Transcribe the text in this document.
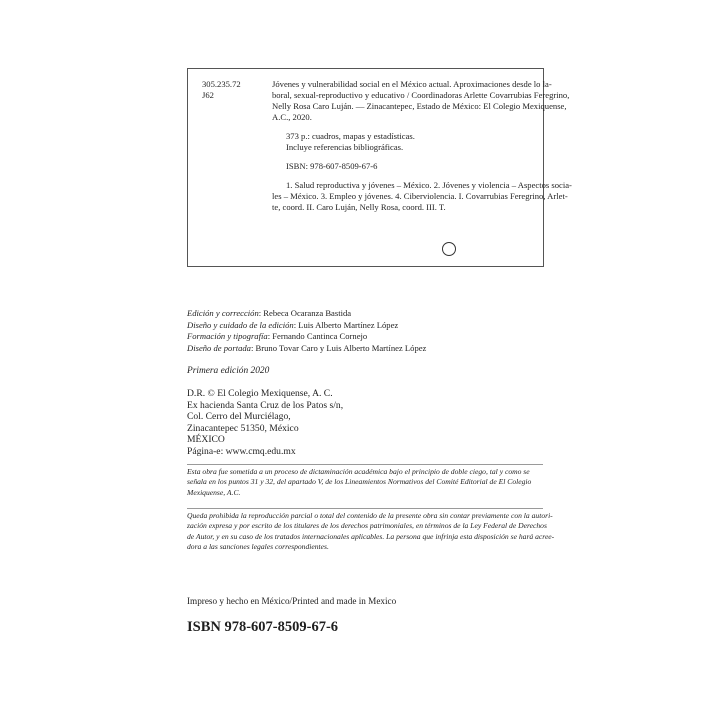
305.235.72
J62
Jóvenes y vulnerabilidad social en el México actual. Aproximaciones desde lo la-
boral, sexual-reproductivo y educativo / Coordinadoras Arlette Covarrubias Feregrino,
Nelly Rosa Caro Luján. –– Zinacantepec, Estado de México: El Colegio Mexiquense,
A.C., 2020.
373 p.: cuadros, mapas y estadísticas.
Incluye referencias bibliográficas.
ISBN: 978-607-8509-67-6
1. Salud reproductiva y jóvenes – México. 2. Jóvenes y violencia – Aspectos socia-
les – México. 3. Empleo y jóvenes. 4. Ciberviolencia. I. Covarrubias Feregrino, Arlet-
te, coord. II. Caro Luján, Nelly Rosa, coord. III. T.
Edición y corrección: Rebeca Ocaranza Bastida
Diseño y cuidado de la edición: Luis Alberto Martínez López
Formación y tipografía: Fernando Cantinca Cornejo
Diseño de portada: Bruno Tovar Caro y Luis Alberto Martínez López
Primera edición 2020
D.R. © El Colegio Mexiquense, A. C.
Ex hacienda Santa Cruz de los Patos s/n,
Col. Cerro del Murciélago,
Zinacantepec 51350, México
MÉXICO
Página-e: www.cmq.edu.mx
Esta obra fue sometida a un proceso de dictaminación académica bajo el principio de doble ciego, tal y como se
señala en los puntos 31 y 32, del apartado V, de los Lineamientos Normativos del Comité Editorial de El Colegio
Mexiquense, A.C.
Queda prohibida la reproducción parcial o total del contenido de la presente obra sin contar previamente con la autori-
zación expresa y por escrito de los titulares de los derechos patrimoniales, en términos de la Ley Federal de Derechos
de Autor, y en su caso de los tratados internacionales aplicables. La persona que infrinja esta disposición se hará acree-
dora a las sanciones legales correspondientes.
Impreso y hecho en México/Printed and made in Mexico
ISBN 978-607-8509-67-6
